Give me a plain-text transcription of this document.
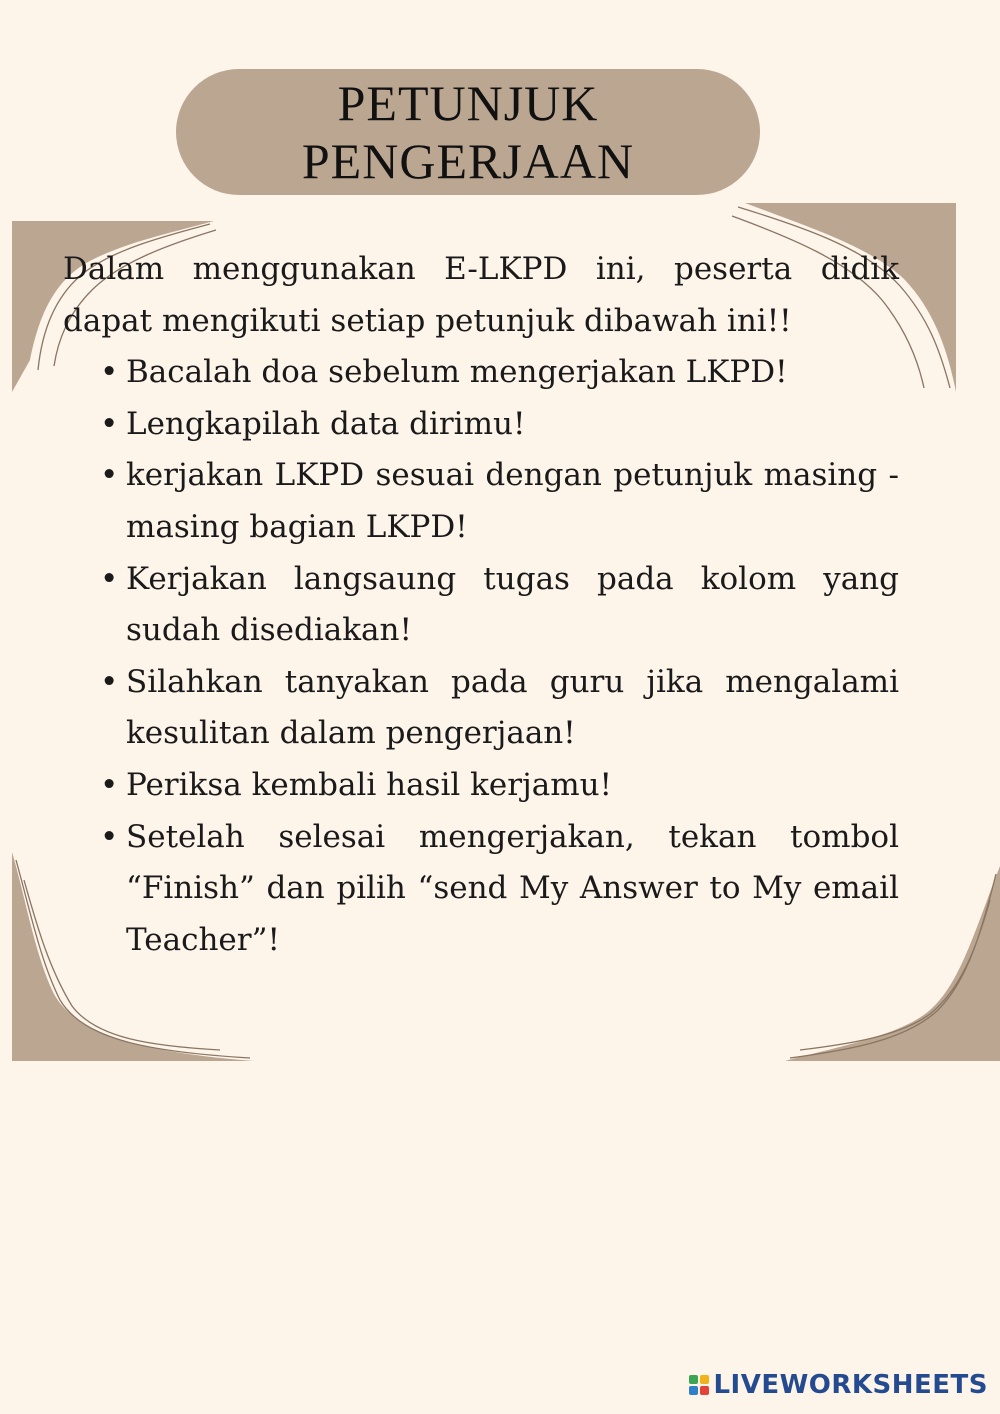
PETUNJUK
PENGERJAAN

Dalam menggunakan E-LKPD ini, peserta didik dapat mengikuti setiap petunjuk dibawah ini!!

• Bacalah doa sebelum mengerjakan LKPD!
• Lengkapilah data dirimu!
• kerjakan LKPD sesuai dengan petunjuk masing - masing bagian LKPD!
• Kerjakan langsaung tugas pada kolom yang sudah disediakan!
• Silahkan tanyakan pada guru jika mengalami kesulitan dalam pengerjaan!
• Periksa kembali hasil kerjamu!
• Setelah selesai mengerjakan, tekan tombol “Finish” dan pilih “send My Answer to My email Teacher”!
LIVEWORKSHEETS
